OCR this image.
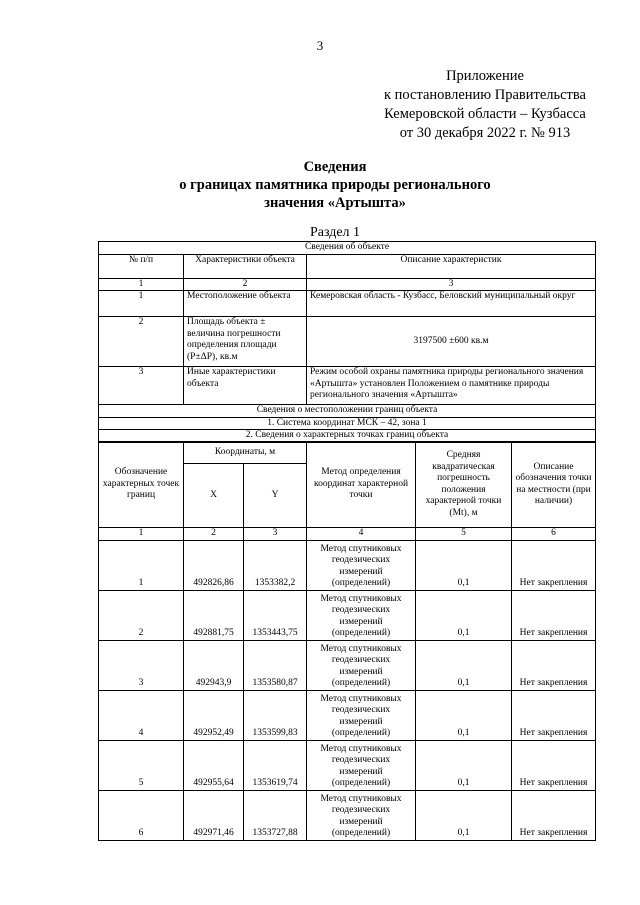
3
Приложение
к постановлению Правительства
Кемеровской области – Кузбасса
от 30 декабря 2022 г. № 913
Сведения
о границах памятника природы регионального
значения «Артышта»
Раздел 1
Сведения об объекте		
№ п/п	Характеристики объекта	Описание характеристик
1	2	3
1	Местоположение объекта	Кемеровская область - Кузбасс, Беловский муниципальный округ
2	Площадь объекта ± величина погрешности определения площади (P±ΔP), кв.м	3197500 ±600 кв.м
3	Иные характеристики объекта	Режим особой охраны памятника природы регионального значения «Артышта» установлен Положением о памятнике природы регионального значения «Артышта»
Сведения о местоположении границ объекта		
1. Система координат МСК – 42, зона 1		
2. Сведения о характерных точках границ объекта		
Обозначение характерных точек границ	Координаты, м		Метод определения координат характерной точки	Средняя квадратическая погрешность положения характерной точки (Mt), м	Описание обозначения точки на местности (при наличии)
	X	Y			
1	2	3	4	5	6
1	492826,86	1353382,2	Метод спутниковых геодезических измерений (определений)	0,1	Нет закрепления
2	492881,75	1353443,75	Метод спутниковых геодезических измерений (определений)	0,1	Нет закрепления
3	492943,9	1353580,87	Метод спутниковых геодезических измерений (определений)	0,1	Нет закрепления
4	492952,49	1353599,83	Метод спутниковых геодезических измерений (определений)	0,1	Нет закрепления
5	492955,64	1353619,74	Метод спутниковых геодезических измерений (определений)	0,1	Нет закрепления
6	492971,46	1353727,88	Метод спутниковых геодезических измерений (определений)	0,1	Нет закрепления
